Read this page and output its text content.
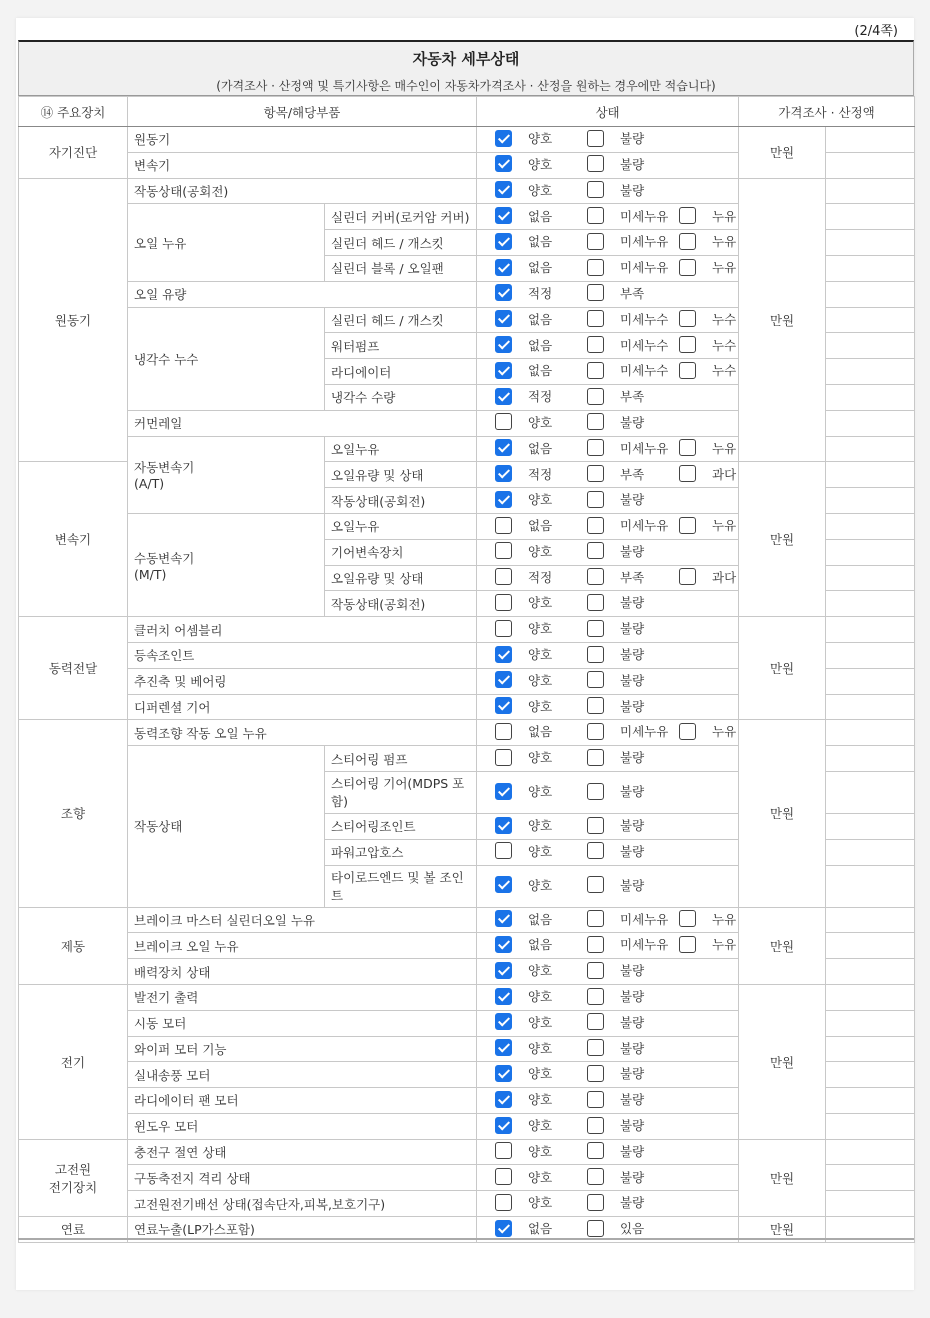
(2/4쪽)
자동차 세부상태
(가격조사 · 산정액 및 특기사항은 매수인이 자동차가격조사 · 산정을 원하는 경우에만 적습니다)
⑭ 주요장치	항목/해당부품		상태	가격조사 · 산정액	
자기진단	원동기		양호 불량	만원	
	변속기		양호 불량		

원동기	작동상태(공회전)		양호 불량	만원	
	오일 누유	실린더 커버(로커암 커버)	없음 미세누유 누유		

		실린더 헤드 / 개스킷	없음 미세누유 누유		

		실린더 블록 / 오일팬	없음 미세누유 누유		

	오일 유량		적정 부족		

	냉각수 누수	실린더 헤드 / 개스킷	없음 미세누수 누수		

		워터펌프	없음 미세누수 누수		

		라디에이터	없음 미세누수 누수		

		냉각수 수량	적정 부족		

	커먼레일		양호 불량		

	자동변속기
(A/T)	오일누유	없음 미세누유 누유		

변속기		오일유량 및 상태	적정 부족 과다	만원	
		작동상태(공회전)	양호 불량		

	수동변속기
(M/T)	오일누유	없음 미세누유 누유		

		기어변속장치	양호 불량		

		오일유량 및 상태	적정 부족 과다		

		작동상태(공회전)	양호 불량		

동력전달	클러치 어셈블리		양호 불량	만원	
	등속조인트		양호 불량		

	추진축 및 베어링		양호 불량		

	디퍼렌셜 기어		양호 불량		

조향	동력조향 작동 오일 누유		없음 미세누유 누유	만원	
	작동상태	스티어링 펌프	양호 불량		

		스티어링 기어(MDPS 포함)	양호 불량		

		스티어링조인트	양호 불량		

		파워고압호스	양호 불량		

		타이로드엔드 및 볼 조인트	양호 불량		

제동	브레이크 마스터 실린더오일 누유		없음 미세누유 누유	만원	
	브레이크 오일 누유		없음 미세누유 누유		

	배력장치 상태		양호 불량		

전기	발전기 출력		양호 불량	만원	
	시동 모터		양호 불량		

	와이퍼 모터 기능		양호 불량		

	실내송풍 모터		양호 불량		

	라디에이터 팬 모터		양호 불량		

	윈도우 모터		양호 불량		

고전원
전기장치	충전구 절연 상태		양호 불량	만원	
	구동축전지 격리 상태		양호 불량		

	고전원전기배선 상태(접속단자,피복,보호기구)		양호 불량		

연료	연료누출(LP가스포함)		없음 있음	만원	
